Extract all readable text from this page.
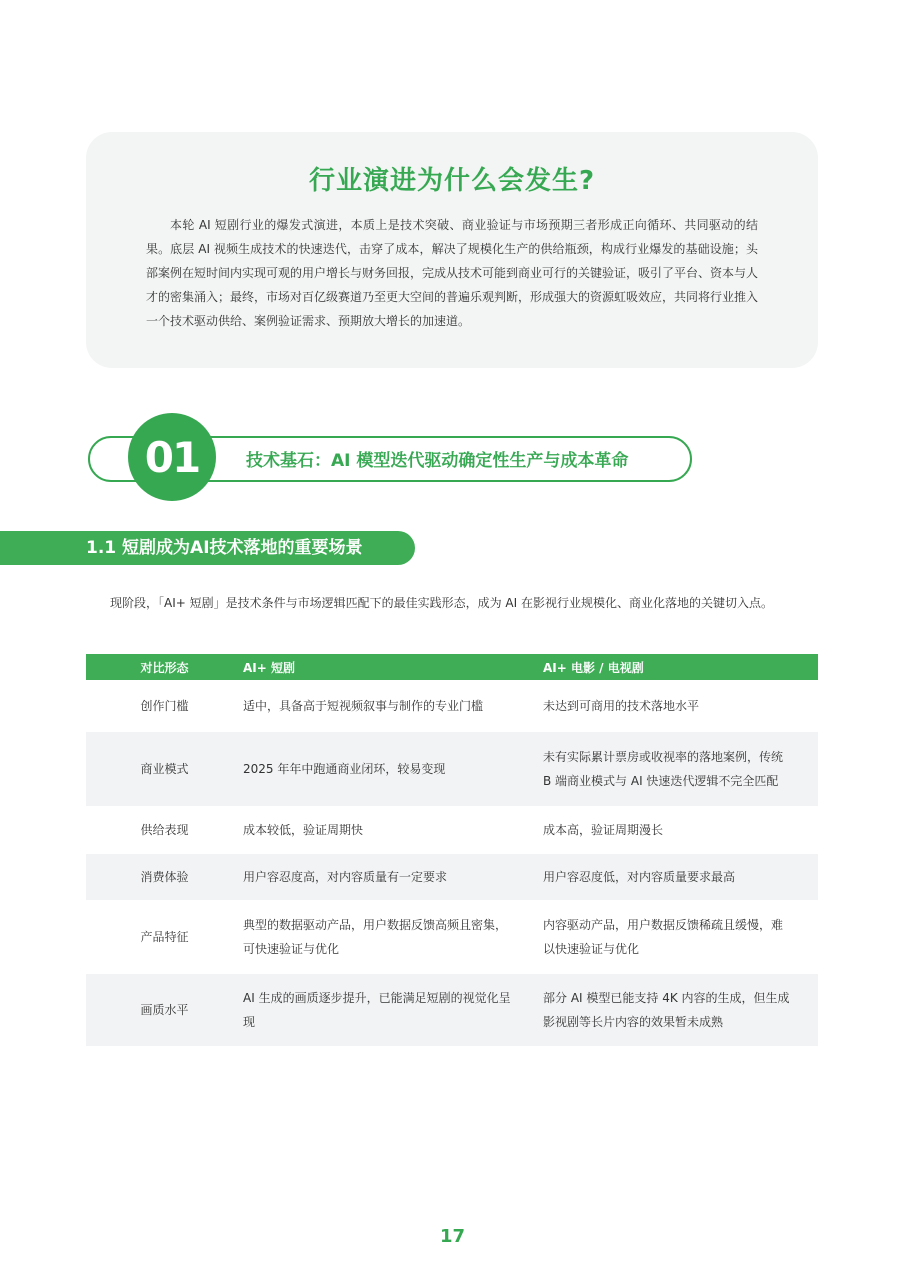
行业演进为什么会发生?

本轮 AI 短剧行业的爆发式演进，本质上是技术突破、商业验证与市场预期三者形成正向循环、共同驱动的结果。底层 AI 视频生成技术的快速迭代，击穿了成本，解决了规模化生产的供给瓶颈，构成行业爆发的基础设施；头部案例在短时间内实现可观的用户增长与财务回报，完成从技术可能到商业可行的关键验证，吸引了平台、资本与人才的密集涌入；最终，市场对百亿级赛道乃至更大空间的普遍乐观判断，形成强大的资源虹吸效应，共同将行业推入一个技术驱动供给、案例验证需求、预期放大增长的加速道。

01	技术基石：AI 模型迭代驱动确定性生产与成本革命
1.1 短剧成为AI技术落地的重要场景
现阶段，「AI+ 短剧」是技术条件与市场逻辑匹配下的最佳实践形态，成为 AI 在影视行业规模化、商业化落地的关键切入点。
对比形态	AI+ 短剧	AI+ 电影 / 电视剧
创作门槛	适中，具备高于短视频叙事与制作的专业门槛	未达到可商用的技术落地水平
商业模式	2025 年年中跑通商业闭环，较易变现	未有实际累计票房或收视率的落地案例，传统 B 端商业模式与 AI 快速迭代逻辑不完全匹配
供给表现	成本较低，验证周期快	成本高，验证周期漫长
消费体验	用户容忍度高，对内容质量有一定要求	用户容忍度低，对内容质量要求最高
产品特征	典型的数据驱动产品，用户数据反馈高频且密集，可快速验证与优化	内容驱动产品，用户数据反馈稀疏且缓慢，难以快速验证与优化
画质水平	AI 生成的画质逐步提升，已能满足短剧的视觉化呈现	部分 AI 模型已能支持 4K 内容的生成，但生成影视剧等长片内容的效果暂未成熟
17
